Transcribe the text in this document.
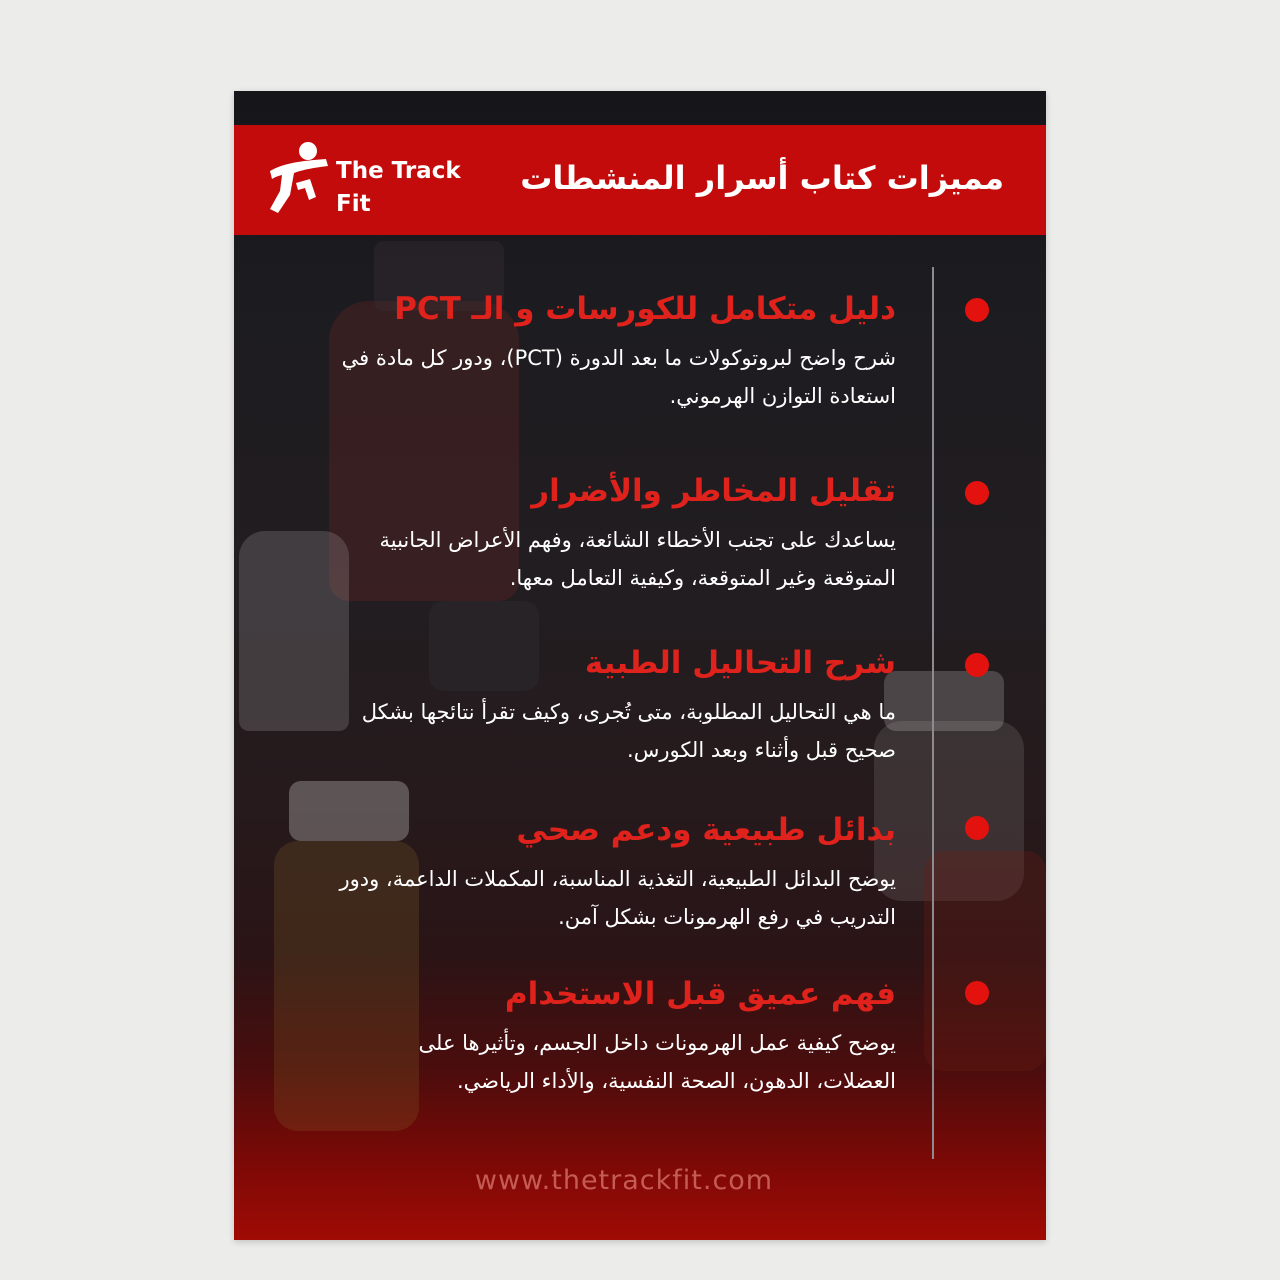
The Track
Fit
مميزات كتاب أسرار المنشطات
دليل متكامل للكورسات و الـ PCT
شرح واضح لبروتوكولات ما بعد الدورة (PCT)، ودور كل مادة في استعادة التوازن الهرموني.
تقليل المخاطر والأضرار
يساعدك على تجنب الأخطاء الشائعة، وفهم الأعراض الجانبية المتوقعة وغير المتوقعة، وكيفية التعامل معها.
شرح التحاليل الطبية
ما هي التحاليل المطلوبة، متى تُجرى، وكيف تقرأ نتائجها بشكل صحيح قبل وأثناء وبعد الكورس.
بدائل طبيعية ودعم صحي
يوضح البدائل الطبيعية، التغذية المناسبة، المكملات الداعمة، ودور التدريب في رفع الهرمونات بشكل آمن.
فهم عميق قبل الاستخدام
يوضح كيفية عمل الهرمونات داخل الجسم، وتأثيرها على العضلات، الدهون، الصحة النفسية، والأداء الرياضي.
www.thetrackfit.com
